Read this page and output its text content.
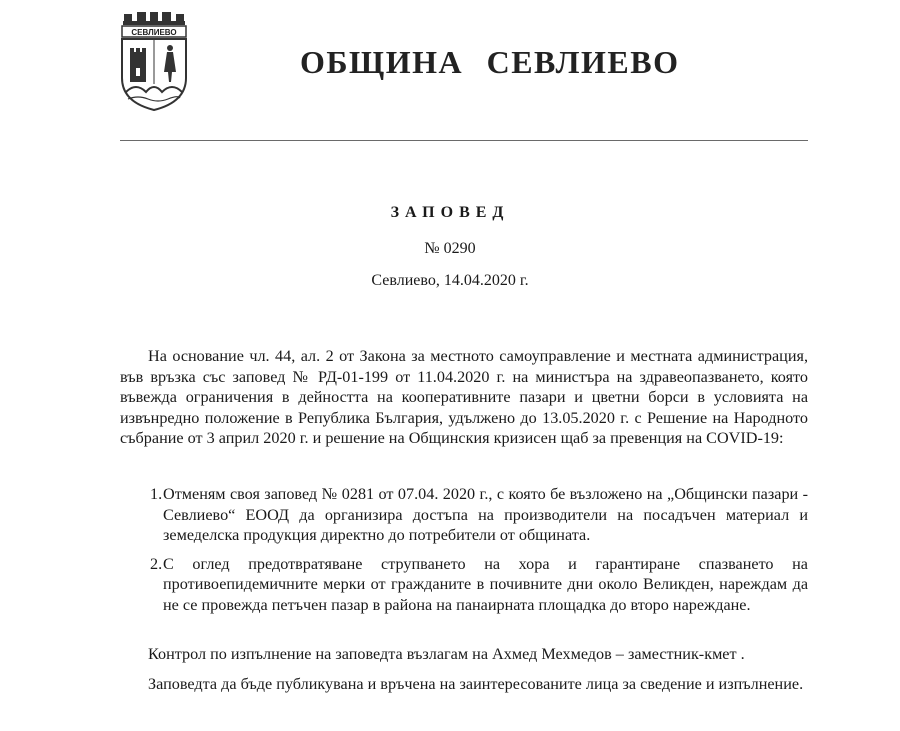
СЕВЛИЕВО
ОБЩИНА СЕВЛИЕВО
ЗАПОВЕД
№ 0290
Севлиево, 14.04.2020 г.
На основание чл. 44, ал. 2 от Закона за местното самоуправление и местната администрация, във връзка със заповед № РД-01-199 от 11.04.2020 г. на министъра на здравеопазването, която въвежда ограничения в дейността на кооперативните пазари и цветни борси в условията на извънредно положение в Република България, удължено до 13.05.2020 г. с Решение на Народното събрание от 3 април 2020 г. и решение на Общинския кризисен щаб за превенция на COVID-19:
1. Отменям своя заповед № 0281 от 07.04. 2020 г., с която бе възложено на „Общински пазари - Севлиево“ ЕООД да организира достъпа на производители на посадъчен материал и земеделска продукция директно до потребители от общината.
2. С оглед предотвратяване струпването на хора и гарантиране спазването на противоепидемичните мерки от гражданите в почивните дни около Великден, нареждам да не се провежда петъчен пазар в района на панаирната площадка до второ нареждане.
Контрол по изпълнение на заповедта възлагам на Ахмед Мехмедов – заместник-кмет .
Заповедта да бъде публикувана и връчена на заинтересованите лица за сведение и изпълнение.
